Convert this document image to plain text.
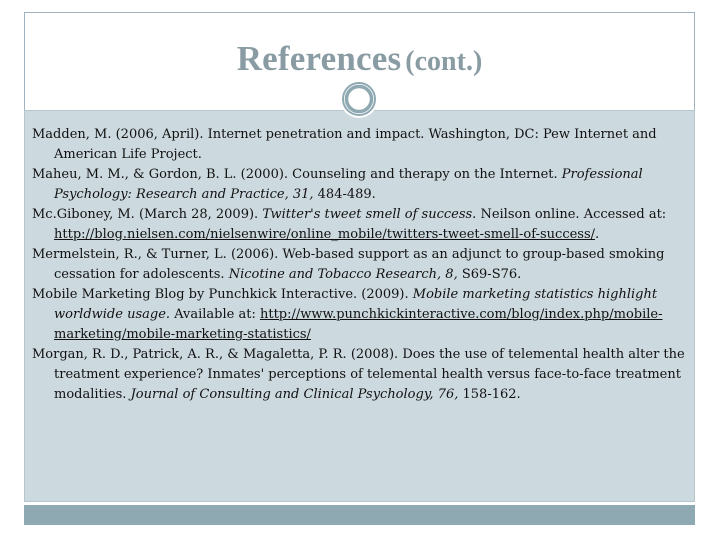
References (cont.)

Madden, M. (2006, April). Internet penetration and impact. Washington, DC: Pew Internet and American Life Project.

Maheu, M. M., & Gordon, B. L. (2000). Counseling and therapy on the Internet. Professional Psychology: Research and Practice, 31, 484-489.

Mc.Giboney, M. (March 28, 2009). Twitter's tweet smell of success. Neilson online. Accessed at: http://blog.nielsen.com/nielsenwire/online_mobile/twitters-tweet-smell-of-success/.

Mermelstein, R., & Turner, L. (2006). Web-based support as an adjunct to group-based smoking cessation for adolescents. Nicotine and Tobacco Research, 8, S69-S76.

Mobile Marketing Blog by Punchkick Interactive. (2009). Mobile marketing statistics highlight worldwide usage. Available at: http://www.punchkickinteractive.com/blog/index.php/mobile-marketing/mobile-marketing-statistics/

Morgan, R. D., Patrick, A. R., & Magaletta, P. R. (2008). Does the use of telemental health alter the treatment experience? Inmates' perceptions of telemental health versus face-to-face treatment modalities. Journal of Consulting and Clinical Psychology, 76, 158-162.
